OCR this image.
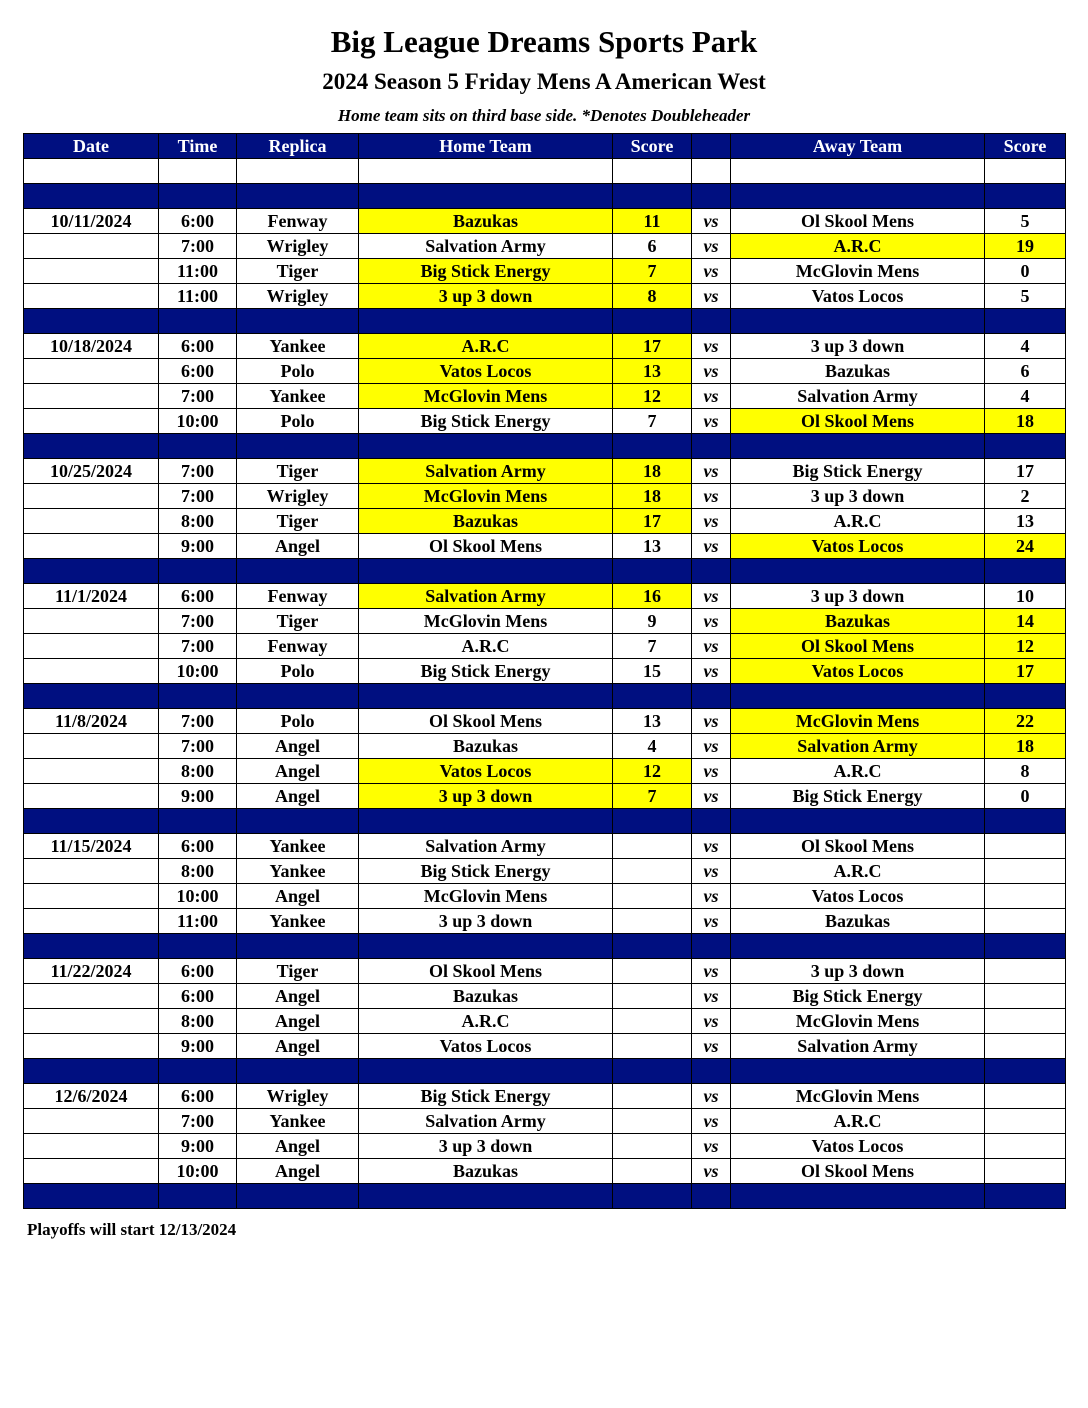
Big League Dreams Sports Park
2024 Season 5 Friday Mens A American West
Home team sits on third base side. *Denotes Doubleheader
Date	Time	Replica	Home Team	Score		Away Team	Score

10/11/2024	6:00	Fenway	Bazukas	11	vs	Ol Skool Mens	5
	7:00	Wrigley	Salvation Army	6	vs	A.R.C	19
	11:00	Tiger	Big Stick Energy	7	vs	McGlovin Mens	0
	11:00	Wrigley	3 up 3 down	8	vs	Vatos Locos	5

10/18/2024	6:00	Yankee	A.R.C	17	vs	3 up 3 down	4
	6:00	Polo	Vatos Locos	13	vs	Bazukas	6
	7:00	Yankee	McGlovin Mens	12	vs	Salvation Army	4
	10:00	Polo	Big Stick Energy	7	vs	Ol Skool Mens	18

10/25/2024	7:00	Tiger	Salvation Army	18	vs	Big Stick Energy	17
	7:00	Wrigley	McGlovin Mens	18	vs	3 up 3 down	2
	8:00	Tiger	Bazukas	17	vs	A.R.C	13
	9:00	Angel	Ol Skool Mens	13	vs	Vatos Locos	24

11/1/2024	6:00	Fenway	Salvation Army	16	vs	3 up 3 down	10
	7:00	Tiger	McGlovin Mens	9	vs	Bazukas	14
	7:00	Fenway	A.R.C	7	vs	Ol Skool Mens	12
	10:00	Polo	Big Stick Energy	15	vs	Vatos Locos	17

11/8/2024	7:00	Polo	Ol Skool Mens	13	vs	McGlovin Mens	22
	7:00	Angel	Bazukas	4	vs	Salvation Army	18
	8:00	Angel	Vatos Locos	12	vs	A.R.C	8
	9:00	Angel	3 up 3 down	7	vs	Big Stick Energy	0

11/15/2024	6:00	Yankee	Salvation Army		vs	Ol Skool Mens	
	8:00	Yankee	Big Stick Energy		vs	A.R.C	
	10:00	Angel	McGlovin Mens		vs	Vatos Locos	
	11:00	Yankee	3 up 3 down		vs	Bazukas	

11/22/2024	6:00	Tiger	Ol Skool Mens		vs	3 up 3 down	
	6:00	Angel	Bazukas		vs	Big Stick Energy	
	8:00	Angel	A.R.C		vs	McGlovin Mens	
	9:00	Angel	Vatos Locos		vs	Salvation Army	

12/6/2024	6:00	Wrigley	Big Stick Energy		vs	McGlovin Mens	
	7:00	Yankee	Salvation Army		vs	A.R.C	
	9:00	Angel	3 up 3 down		vs	Vatos Locos	
	10:00	Angel	Bazukas		vs	Ol Skool Mens	

Playoffs will start 12/13/2024
